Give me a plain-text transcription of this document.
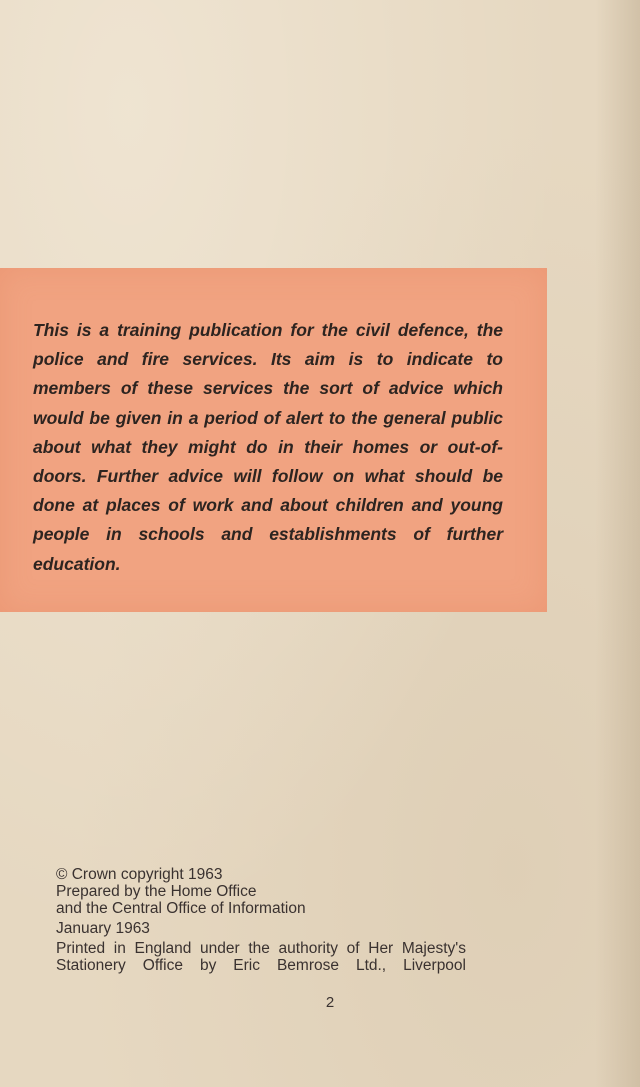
This is a training publication for the civil defence, the police and fire services. Its aim is to indicate to members of these services the sort of advice which would be given in a period of alert to the general public about what they might do in their homes or out-of-doors. Further advice will follow on what should be done at places of work and about children and young people in schools and establishments of further education.

© Crown copyright 1963
Prepared by the Home Office
and the Central Office of Information
January 1963
Printed in England under the authority of Her Majesty's
Stationery Office by Eric Bemrose Ltd., Liverpool
2
